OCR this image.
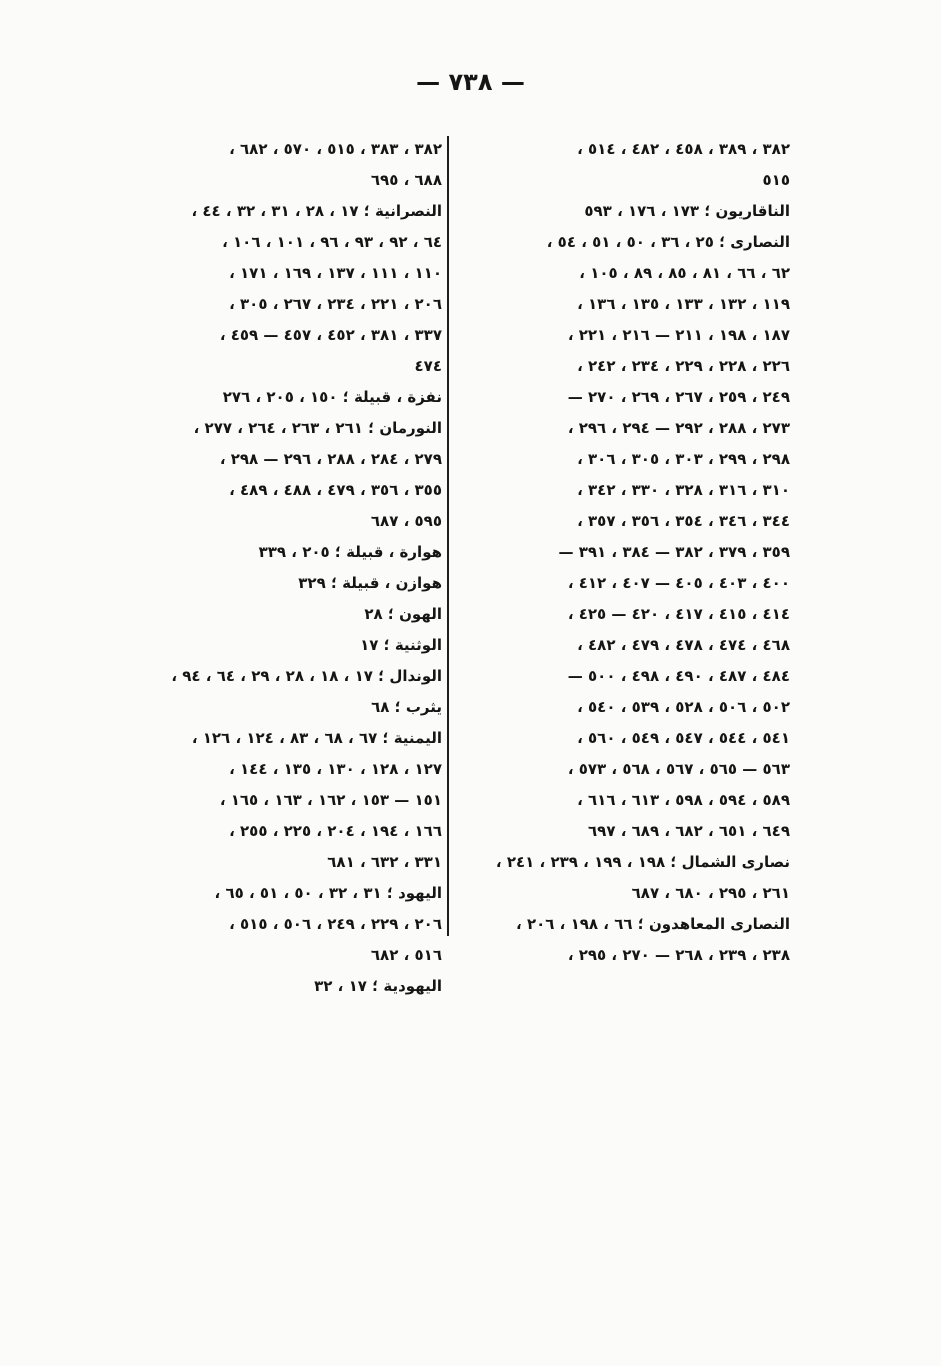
— ٧٣٨ —
٣٨٢ ، ٣٨٩ ، ٤٥٨ ، ٤٨٢ ، ٥١٤ ،
٥١٥
الناقاريون ؛ ١٧٣ ، ١٧٦ ، ٥٩٣
النصارى ؛ ٢٥ ، ٣٦ ، ٥٠ ، ٥١ ، ٥٤ ،
٦٢ ، ٦٦ ، ٨١ ، ٨٥ ، ٨٩ ، ١٠٥ ،
١١٩ ، ١٣٢ ، ١٣٣ ، ١٣٥ ، ١٣٦ ،
١٨٧ ، ١٩٨ ، ٢١١ — ٢١٦ ، ٢٢١ ،
٢٢٦ ، ٢٢٨ ، ٢٢٩ ، ٢٣٤ ، ٢٤٢ ،
٢٤٩ ، ٢٥٩ ، ٢٦٧ ، ٢٦٩ ، ٢٧٠ —
٢٧٣ ، ٢٨٨ ، ٢٩٢ — ٢٩٤ ، ٢٩٦ ،
٢٩٨ ، ٢٩٩ ، ٣٠٣ ، ٣٠٥ ، ٣٠٦ ،
٣١٠ ، ٣١٦ ، ٣٢٨ ، ٣٣٠ ، ٣٤٢ ،
٣٤٤ ، ٣٤٦ ، ٣٥٤ ، ٣٥٦ ، ٣٥٧ ،
٣٥٩ ، ٣٧٩ ، ٣٨٢ — ٣٨٤ ، ٣٩١ —
٤٠٠ ، ٤٠٣ ، ٤٠٥ — ٤٠٧ ، ٤١٢ ،
٤١٤ ، ٤١٥ ، ٤١٧ ، ٤٢٠ — ٤٢٥ ،
٤٦٨ ، ٤٧٤ ، ٤٧٨ ، ٤٧٩ ، ٤٨٢ ،
٤٨٤ ، ٤٨٧ ، ٤٩٠ ، ٤٩٨ ، ٥٠٠ —
٥٠٢ ، ٥٠٦ ، ٥٢٨ ، ٥٣٩ ، ٥٤٠ ،
٥٤١ ، ٥٤٤ ، ٥٤٧ ، ٥٤٩ ، ٥٦٠ ،
٥٦٣ — ٥٦٥ ، ٥٦٧ ، ٥٦٨ ، ٥٧٣ ،
٥٨٩ ، ٥٩٤ ، ٥٩٨ ، ٦١٣ ، ٦١٦ ،
٦٤٩ ، ٦٥١ ، ٦٨٢ ، ٦٨٩ ، ٦٩٧
نصارى الشمال ؛ ١٩٨ ، ١٩٩ ، ٢٣٩ ، ٢٤١ ،
٢٦١ ، ٢٩٥ ، ٦٨٠ ، ٦٨٧
النصارى المعاهدون ؛ ٦٦ ، ١٩٨ ، ٢٠٦ ،
٢٣٨ ، ٢٣٩ ، ٢٦٨ — ٢٧٠ ، ٢٩٥ ،
٣٨٢ ، ٣٨٣ ، ٥١٥ ، ٥٧٠ ، ٦٨٢ ،
٦٨٨ ، ٦٩٥
النصرانية ؛ ١٧ ، ٢٨ ، ٣١ ، ٣٢ ، ٤٤ ،
٦٤ ، ٩٢ ، ٩٣ ، ٩٦ ، ١٠١ ، ١٠٦ ،
١١٠ ، ١١١ ، ١٣٧ ، ١٦٩ ، ١٧١ ،
٢٠٦ ، ٢٢١ ، ٢٣٤ ، ٢٦٧ ، ٣٠٥ ،
٣٣٧ ، ٣٨١ ، ٤٥٢ ، ٤٥٧ — ٤٥٩ ،
٤٧٤
نفزة ، قبيلة ؛ ١٥٠ ، ٢٠٥ ، ٢٧٦
النورمان ؛ ٢٦١ ، ٢٦٣ ، ٢٦٤ ، ٢٧٧ ،
٢٧٩ ، ٢٨٤ ، ٢٨٨ ، ٢٩٦ — ٢٩٨ ،
٣٥٥ ، ٣٥٦ ، ٤٧٩ ، ٤٨٨ ، ٤٨٩ ،
٥٩٥ ، ٦٨٧
هوارة ، قبيلة ؛ ٢٠٥ ، ٣٣٩
هوازن ، قبيلة ؛ ٣٢٩
الهون ؛ ٢٨
الوثنية ؛ ١٧
الوندال ؛ ١٧ ، ١٨ ، ٢٨ ، ٢٩ ، ٦٤ ، ٩٤ ،
يثرب ؛ ٦٨
اليمنية ؛ ٦٧ ، ٦٨ ، ٨٣ ، ١٢٤ ، ١٢٦ ،
١٢٧ ، ١٢٨ ، ١٣٠ ، ١٣٥ ، ١٤٤ ،
١٥١ — ١٥٣ ، ١٦٢ ، ١٦٣ ، ١٦٥ ،
١٦٦ ، ١٩٤ ، ٢٠٤ ، ٢٢٥ ، ٢٥٥ ،
٣٣١ ، ٦٣٢ ، ٦٨١
اليهود ؛ ٣١ ، ٣٢ ، ٥٠ ، ٥١ ، ٦٥ ،
٢٠٦ ، ٢٢٩ ، ٢٤٩ ، ٥٠٦ ، ٥١٥ ،
٥١٦ ، ٦٨٢
اليهودية ؛ ١٧ ، ٣٢
